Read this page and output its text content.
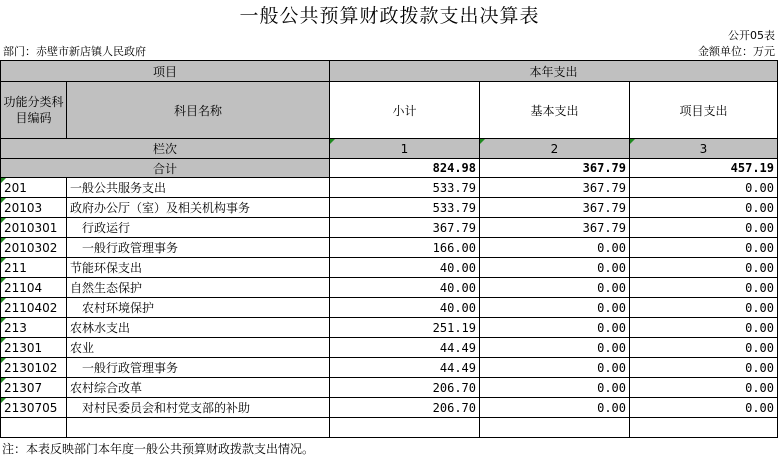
一般公共预算财政拨款支出决算表
公开05表
部门：赤壁市新店镇人民政府	金额单位：万元
项目		本年支出		
功能分类科目编码	科目名称	小计	基本支出	项目支出
栏次		1	2	3
合计		824.98	367.79	457.19
201	一般公共服务支出	533.79	367.79	0.00
20103	政府办公厅（室）及相关机构事务	533.79	367.79	0.00
2010301	行政运行	367.79	367.79	0.00
2010302	一般行政管理事务	166.00	0.00	0.00
211	节能环保支出	40.00	0.00	0.00
21104	自然生态保护	40.00	0.00	0.00
2110402	农村环境保护	40.00	0.00	0.00
213	农林水支出	251.19	0.00	0.00
21301	农业	44.49	0.00	0.00
2130102	一般行政管理事务	44.49	0.00	0.00
21307	农村综合改革	206.70	0.00	0.00
2130705	对村民委员会和村党支部的补助	206.70	0.00	0.00

注：本表反映部门本年度一般公共预算财政拨款支出情况。
